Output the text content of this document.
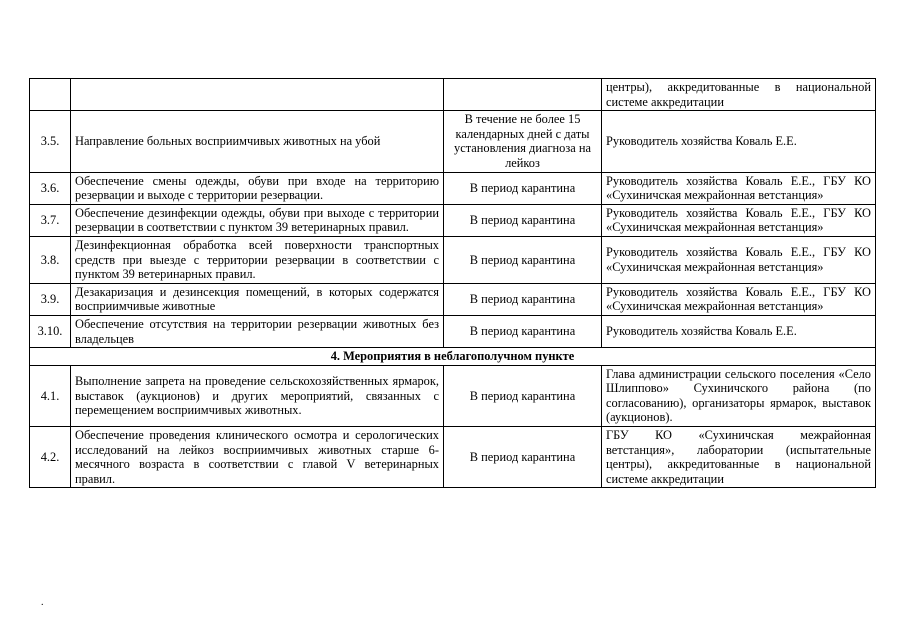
			центры), аккредитованные в национальной системе аккредитации
3.5.	Направление больных восприимчивых животных на убой	В течение не более 15 календарных дней с даты установления диагноза на лейкоз	Руководитель хозяйства Коваль Е.Е.
3.6.	Обеспечение смены одежды, обуви при входе на территорию резервации и выходе с территории резервации.	В период карантина	Руководитель хозяйства Коваль Е.Е., ГБУ КО «Сухиничская межрайонная ветстанция»
3.7.	Обеспечение дезинфекции одежды, обуви при выходе с территории резервации в соответствии с пунктом 39 ветеринарных правил.	В период карантина	Руководитель хозяйства Коваль Е.Е., ГБУ КО «Сухиничская межрайонная ветстанция»
3.8.	Дезинфекционная обработка всей поверхности транспортных средств при выезде с территории резервации в соответствии с пунктом 39 ветеринарных правил.	В период карантина	Руководитель хозяйства Коваль Е.Е., ГБУ КО «Сухиничская межрайонная ветстанция»
3.9.	Дезакаризация и дезинсекция помещений, в которых содержатся восприимчивые животные	В период карантина	Руководитель хозяйства Коваль Е.Е., ГБУ КО «Сухиничская межрайонная ветстанция»
3.10.	Обеспечение отсутствия на территории резервации животных без владельцев	В период карантина	Руководитель хозяйства Коваль Е.Е.
4. Мероприятия в неблагополучном пункте			
4.1.	Выполнение запрета на проведение сельскохозяйственных ярмарок, выставок (аукционов) и других мероприятий, связанных с перемещением восприимчивых животных.	В период карантина	Глава администрации сельского поселения «Село Шлиппово» Сухиничского района (по согласованию), организаторы ярмарок, выставок (аукционов).
4.2.	Обеспечение проведения клинического осмотра и серологических исследований на лейкоз восприимчивых животных старше 6-месячного возраста в соответствии с главой V ветеринарных правил.	В период карантина	ГБУ КО «Сухиничская межрайонная ветстанция», лаборатории (испытательные центры), аккредитованные в национальной системе аккредитации
.
